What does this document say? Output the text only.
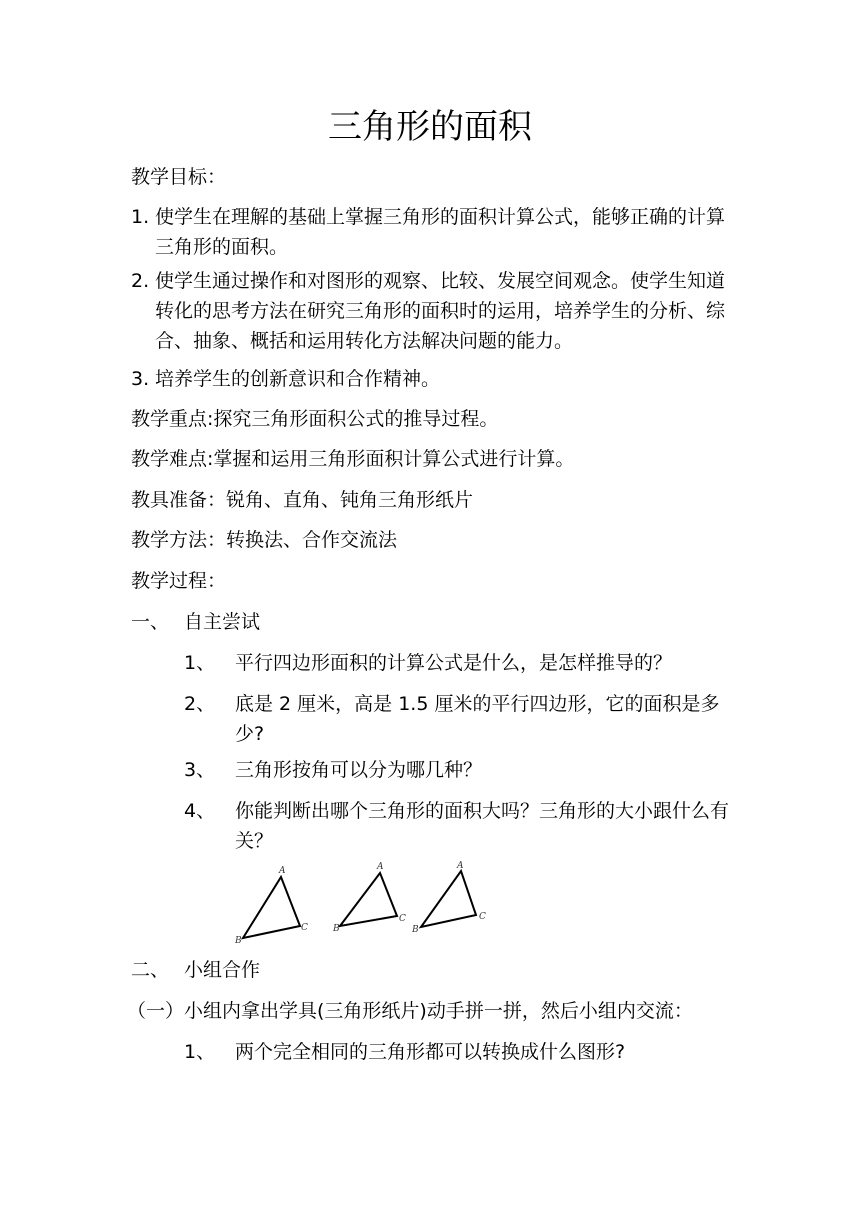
三角形的面积
教学目标：
1. 使学生在理解的基础上掌握三角形的面积计算公式，能够正确的计算三角形的面积。
2. 使学生通过操作和对图形的观察、比较、发展空间观念。使学生知道转化的思考方法在研究三角形的面积时的运用，培养学生的分析、综合、抽象、概括和运用转化方法解决问题的能力。
3. 培养学生的创新意识和合作精神。
教学重点:探究三角形面积公式的推导过程。
教学难点:掌握和运用三角形面积计算公式进行计算。
教具准备：锐角、直角、钝角三角形纸片
教学方法：转换法、合作交流法
教学过程：
一、 自主尝试
1、 平行四边形面积的计算公式是什么，是怎样推导的？
2、 底是 2 厘米，高是 1.5 厘米的平行四边形，它的面积是多少?
3、 三角形按角可以分为哪几种？
4、 你能判断出哪个三角形的面积大吗？三角形的大小跟什么有关？
A
B
C
A
B
C
A
B
C
二、 小组合作
（一）小组内拿出学具(三角形纸片)动手拼一拼，然后小组内交流：
1、 两个完全相同的三角形都可以转换成什么图形?
